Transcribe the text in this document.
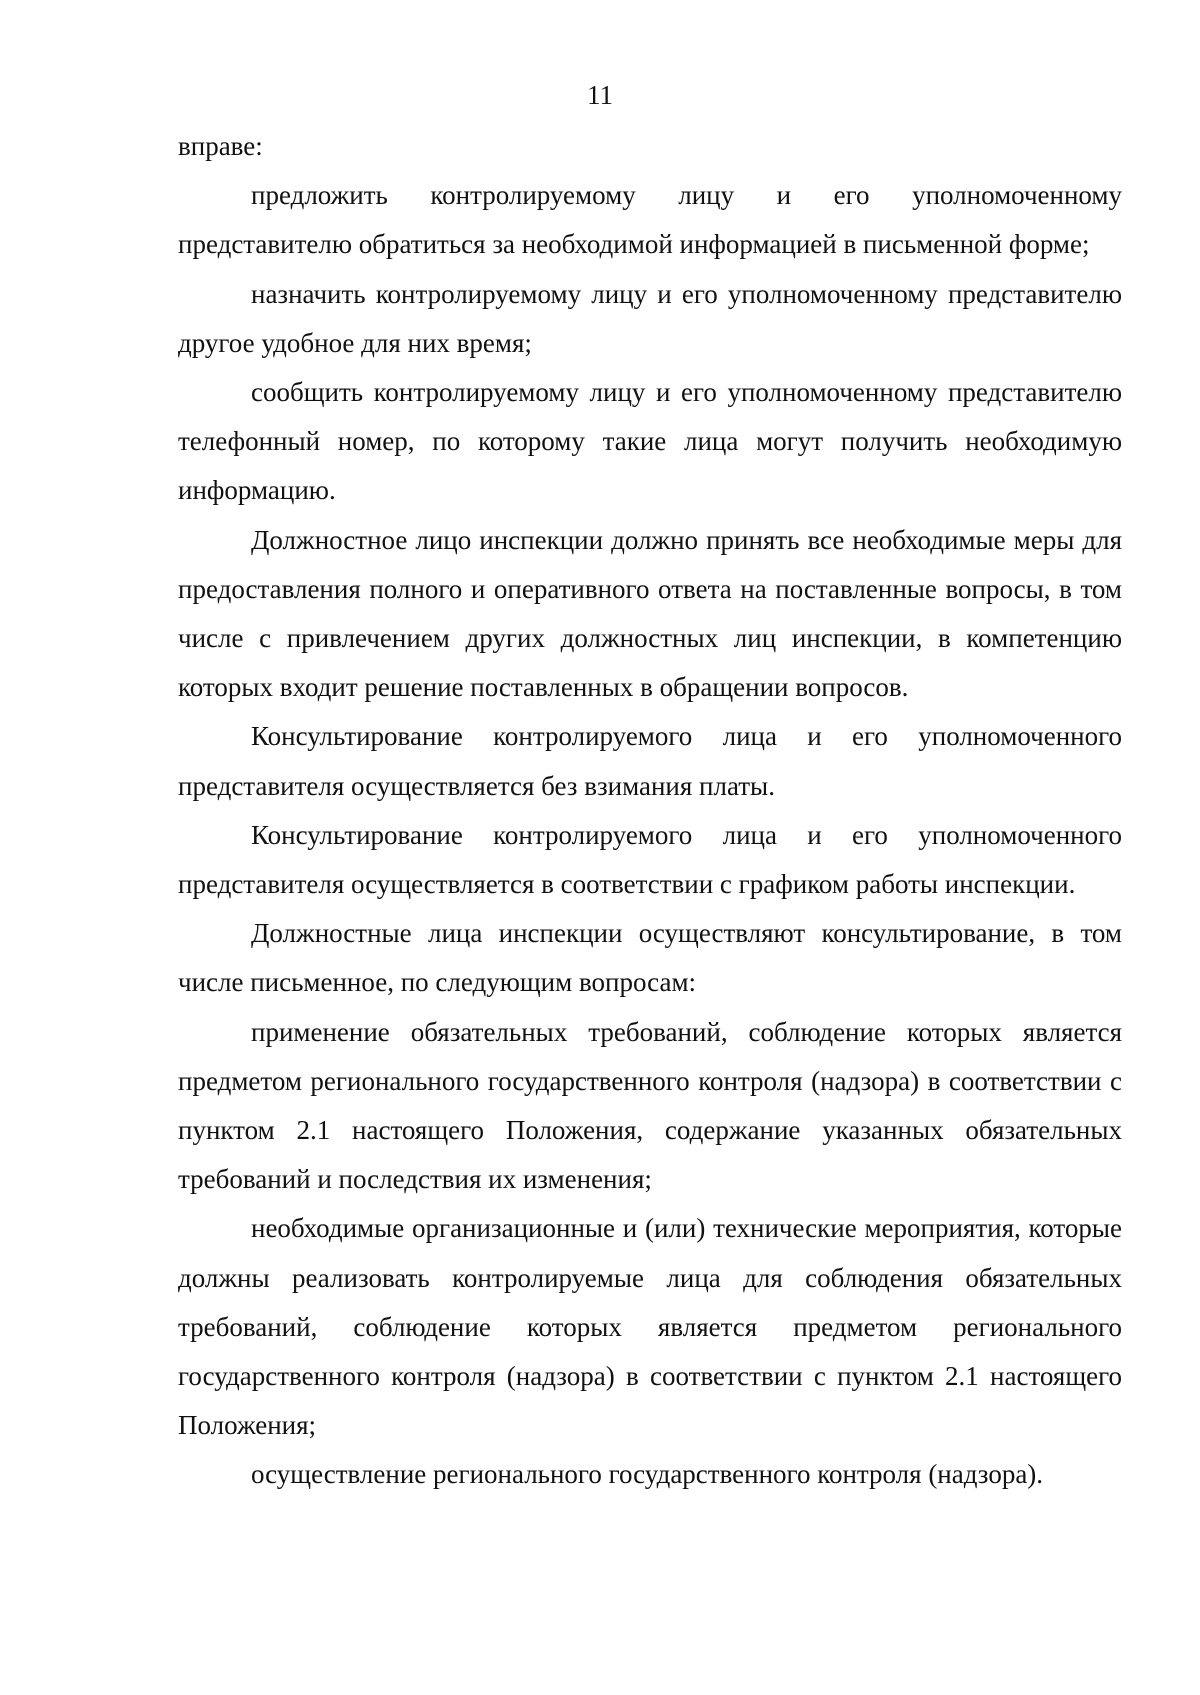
11

вправе:

предложить контролируемому лицу и его уполномоченному представителю обратиться за необходимой информацией в письменной форме;

назначить контролируемому лицу и его уполномоченному представителю другое удобное для них время;

сообщить контролируемому лицу и его уполномоченному представителю телефонный номер, по которому такие лица могут получить необходимую информацию.

Должностное лицо инспекции должно принять все необходимые меры для предоставления полного и оперативного ответа на поставленные вопросы, в том числе с привлечением других должностных лиц инспекции, в компетенцию которых входит решение поставленных в обращении вопросов.

Консультирование контролируемого лица и его уполномоченного представителя осуществляется без взимания платы.

Консультирование контролируемого лица и его уполномоченного представителя осуществляется в соответствии с графиком работы инспекции.

Должностные лица инспекции осуществляют консультирование, в том числе письменное, по следующим вопросам:

применение обязательных требований, соблюдение которых является предметом регионального государственного контроля (надзора) в соответствии с пунктом 2.1 настоящего Положения, содержание указанных обязательных требований и последствия их изменения;

необходимые организационные и (или) технические мероприятия, которые должны реализовать контролируемые лица для соблюдения обязательных требований, соблюдение которых является предметом регионального государственного контроля (надзора) в соответствии с пунктом 2.1 настоящего Положения;

осуществление регионального государственного контроля (надзора).
